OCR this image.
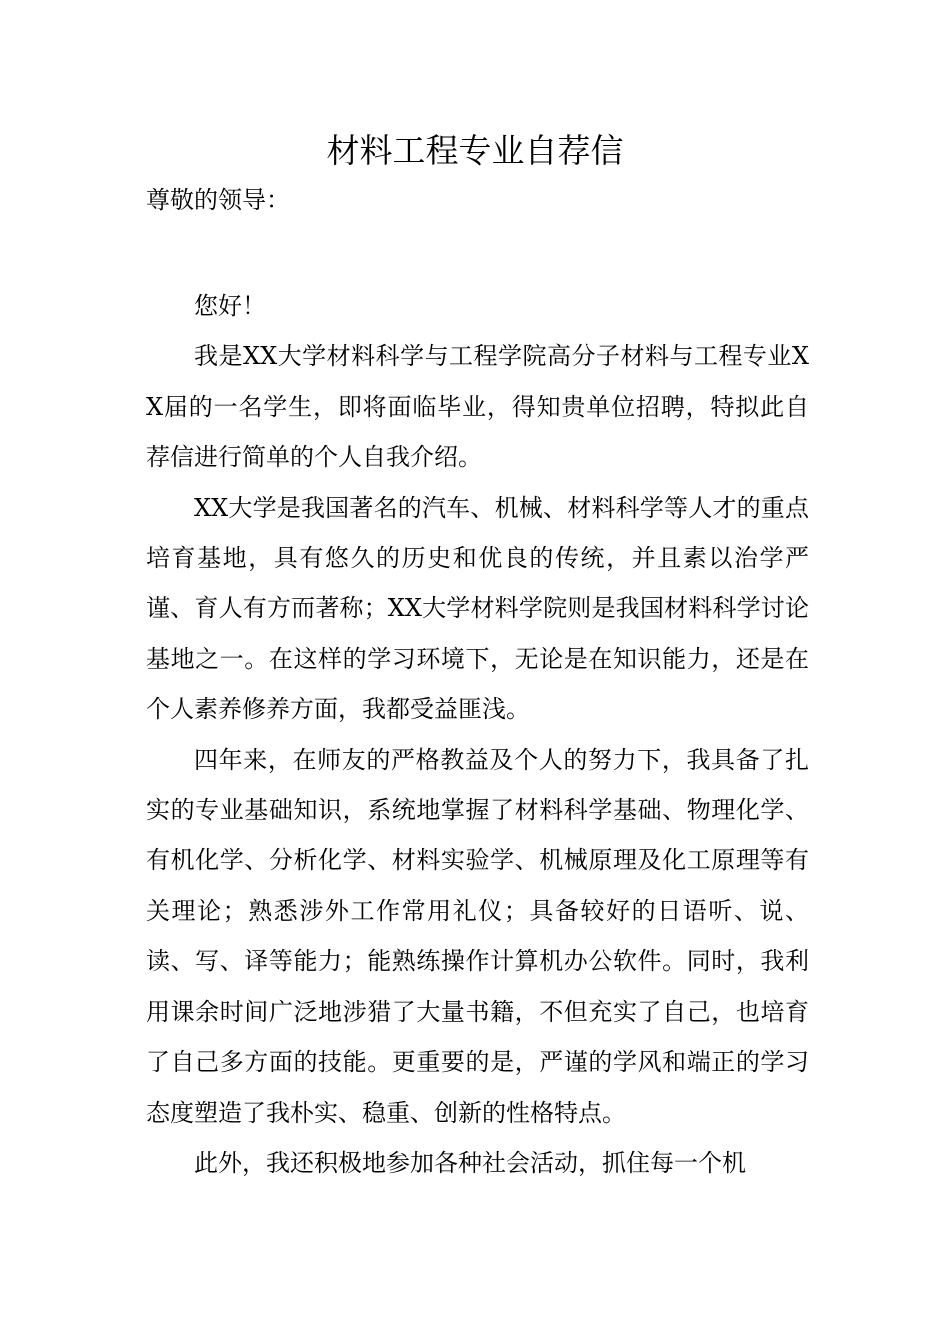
材料工程专业自荐信
尊敬的领导：

您好！

我是XX大学材料科学与工程学院高分子材料与工程专业XX届的一名学生，即将面临毕业，得知贵单位招聘，特拟此自荐信进行简单的个人自我介绍。

XX大学是我国著名的汽车、机械、材料科学等人才的重点培育基地，具有悠久的历史和优良的传统，并且素以治学严谨、育人有方而著称；XX大学材料学院则是我国材料科学讨论基地之一。在这样的学习环境下，无论是在知识能力，还是在个人素养修养方面，我都受益匪浅。

四年来，在师友的严格教益及个人的努力下，我具备了扎实的专业基础知识，系统地掌握了材料科学基础、物理化学、有机化学、分析化学、材料实验学、机械原理及化工原理等有关理论；熟悉涉外工作常用礼仪；具备较好的日语听、说、读、写、译等能力；能熟练操作计算机办公软件。同时，我利用课余时间广泛地涉猎了大量书籍，不但充实了自己，也培育了自己多方面的技能。更重要的是，严谨的学风和端正的学习态度塑造了我朴实、稳重、创新的性格特点。

此外，我还积极地参加各种社会活动，抓住每一个机
